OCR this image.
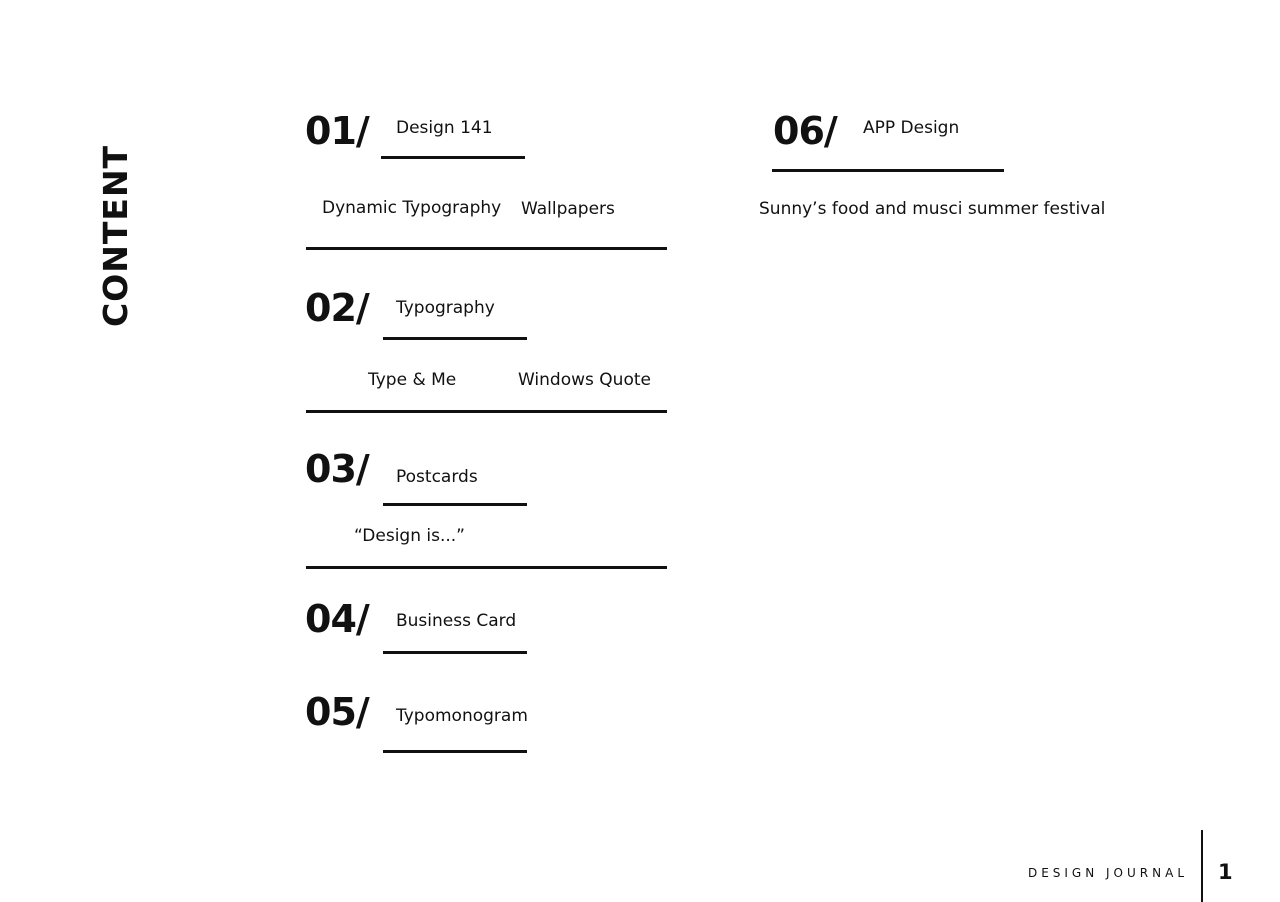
CONTENT
01/ Design 141
Dynamic Typography Wallpapers
02/ Typography
Type & Me	Windows Quote
03/ Postcards
“Design is...”
04/ Business Card
05/ Typomonogram
06/ APP Design
Sunny’s food and musci summer festival
DESIGN JOURNAL 1
